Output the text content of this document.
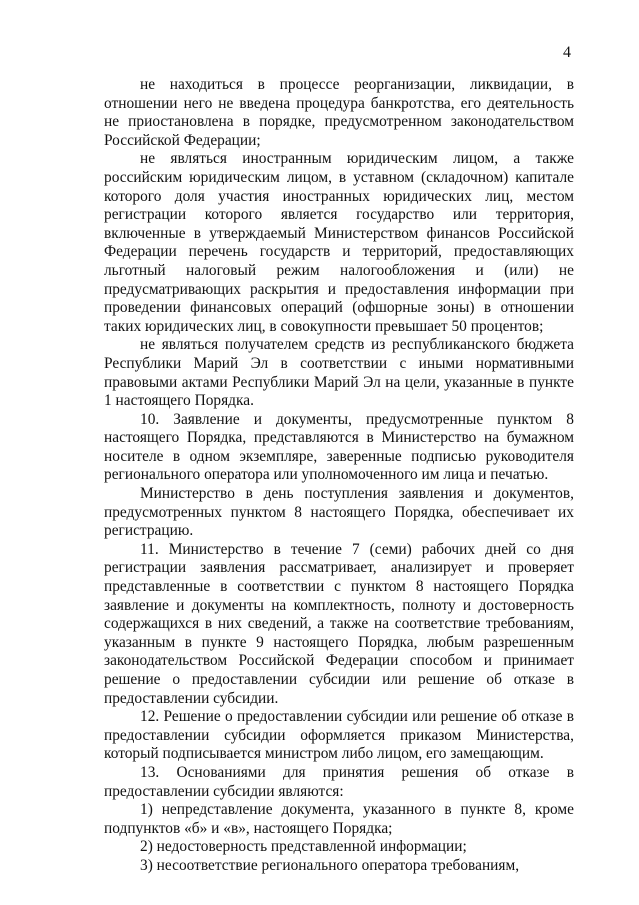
4

не находиться в процессе реорганизации, ликвидации, в отношении него не введена процедура банкротства, его деятельность не приостановлена в порядке, предусмотренном законодательством Российской Федерации;

не являться иностранным юридическим лицом, а также российским юридическим лицом, в уставном (складочном) капитале которого доля участия иностранных юридических лиц, местом регистрации которого является государство или территория, включенные в утверждаемый Министерством финансов Российской Федерации перечень государств и территорий, предоставляющих льготный налоговый режим налогообложения и (или) не предусматривающих раскрытия и предоставления информации при проведении финансовых операций (офшорные зоны) в отношении таких юридических лиц, в совокупности превышает 50 процентов;

не являться получателем средств из республиканского бюджета Республики Марий Эл в соответствии с иными нормативными правовыми актами Республики Марий Эл на цели, указанные в пункте 1 настоящего Порядка.

10. Заявление и документы, предусмотренные пунктом 8 настоящего Порядка, представляются в Министерство на бумажном носителе в одном экземпляре, заверенные подписью руководителя регионального оператора или уполномоченного им лица и печатью.

Министерство в день поступления заявления и документов, предусмотренных пунктом 8 настоящего Порядка, обеспечивает их регистрацию.

11. Министерство в течение 7 (семи) рабочих дней со дня регистрации заявления рассматривает, анализирует и проверяет представленные в соответствии с пунктом 8 настоящего Порядка заявление и документы на комплектность, полноту и достоверность содержащихся в них сведений, а также на соответствие требованиям, указанным в пункте 9 настоящего Порядка, любым разрешенным законодательством Российской Федерации способом и принимает решение о предоставлении субсидии или решение об отказе в предоставлении субсидии.

12. Решение о предоставлении субсидии или решение об отказе в предоставлении субсидии оформляется приказом Министерства, который подписывается министром либо лицом, его замещающим.

13. Основаниями для принятия решения об отказе в предоставлении субсидии являются:

1) непредставление документа, указанного в пункте 8, кроме подпунктов «б» и «в», настоящего Порядка;

2) недостоверность представленной информации;

3) несоответствие регионального оператора требованиям,
